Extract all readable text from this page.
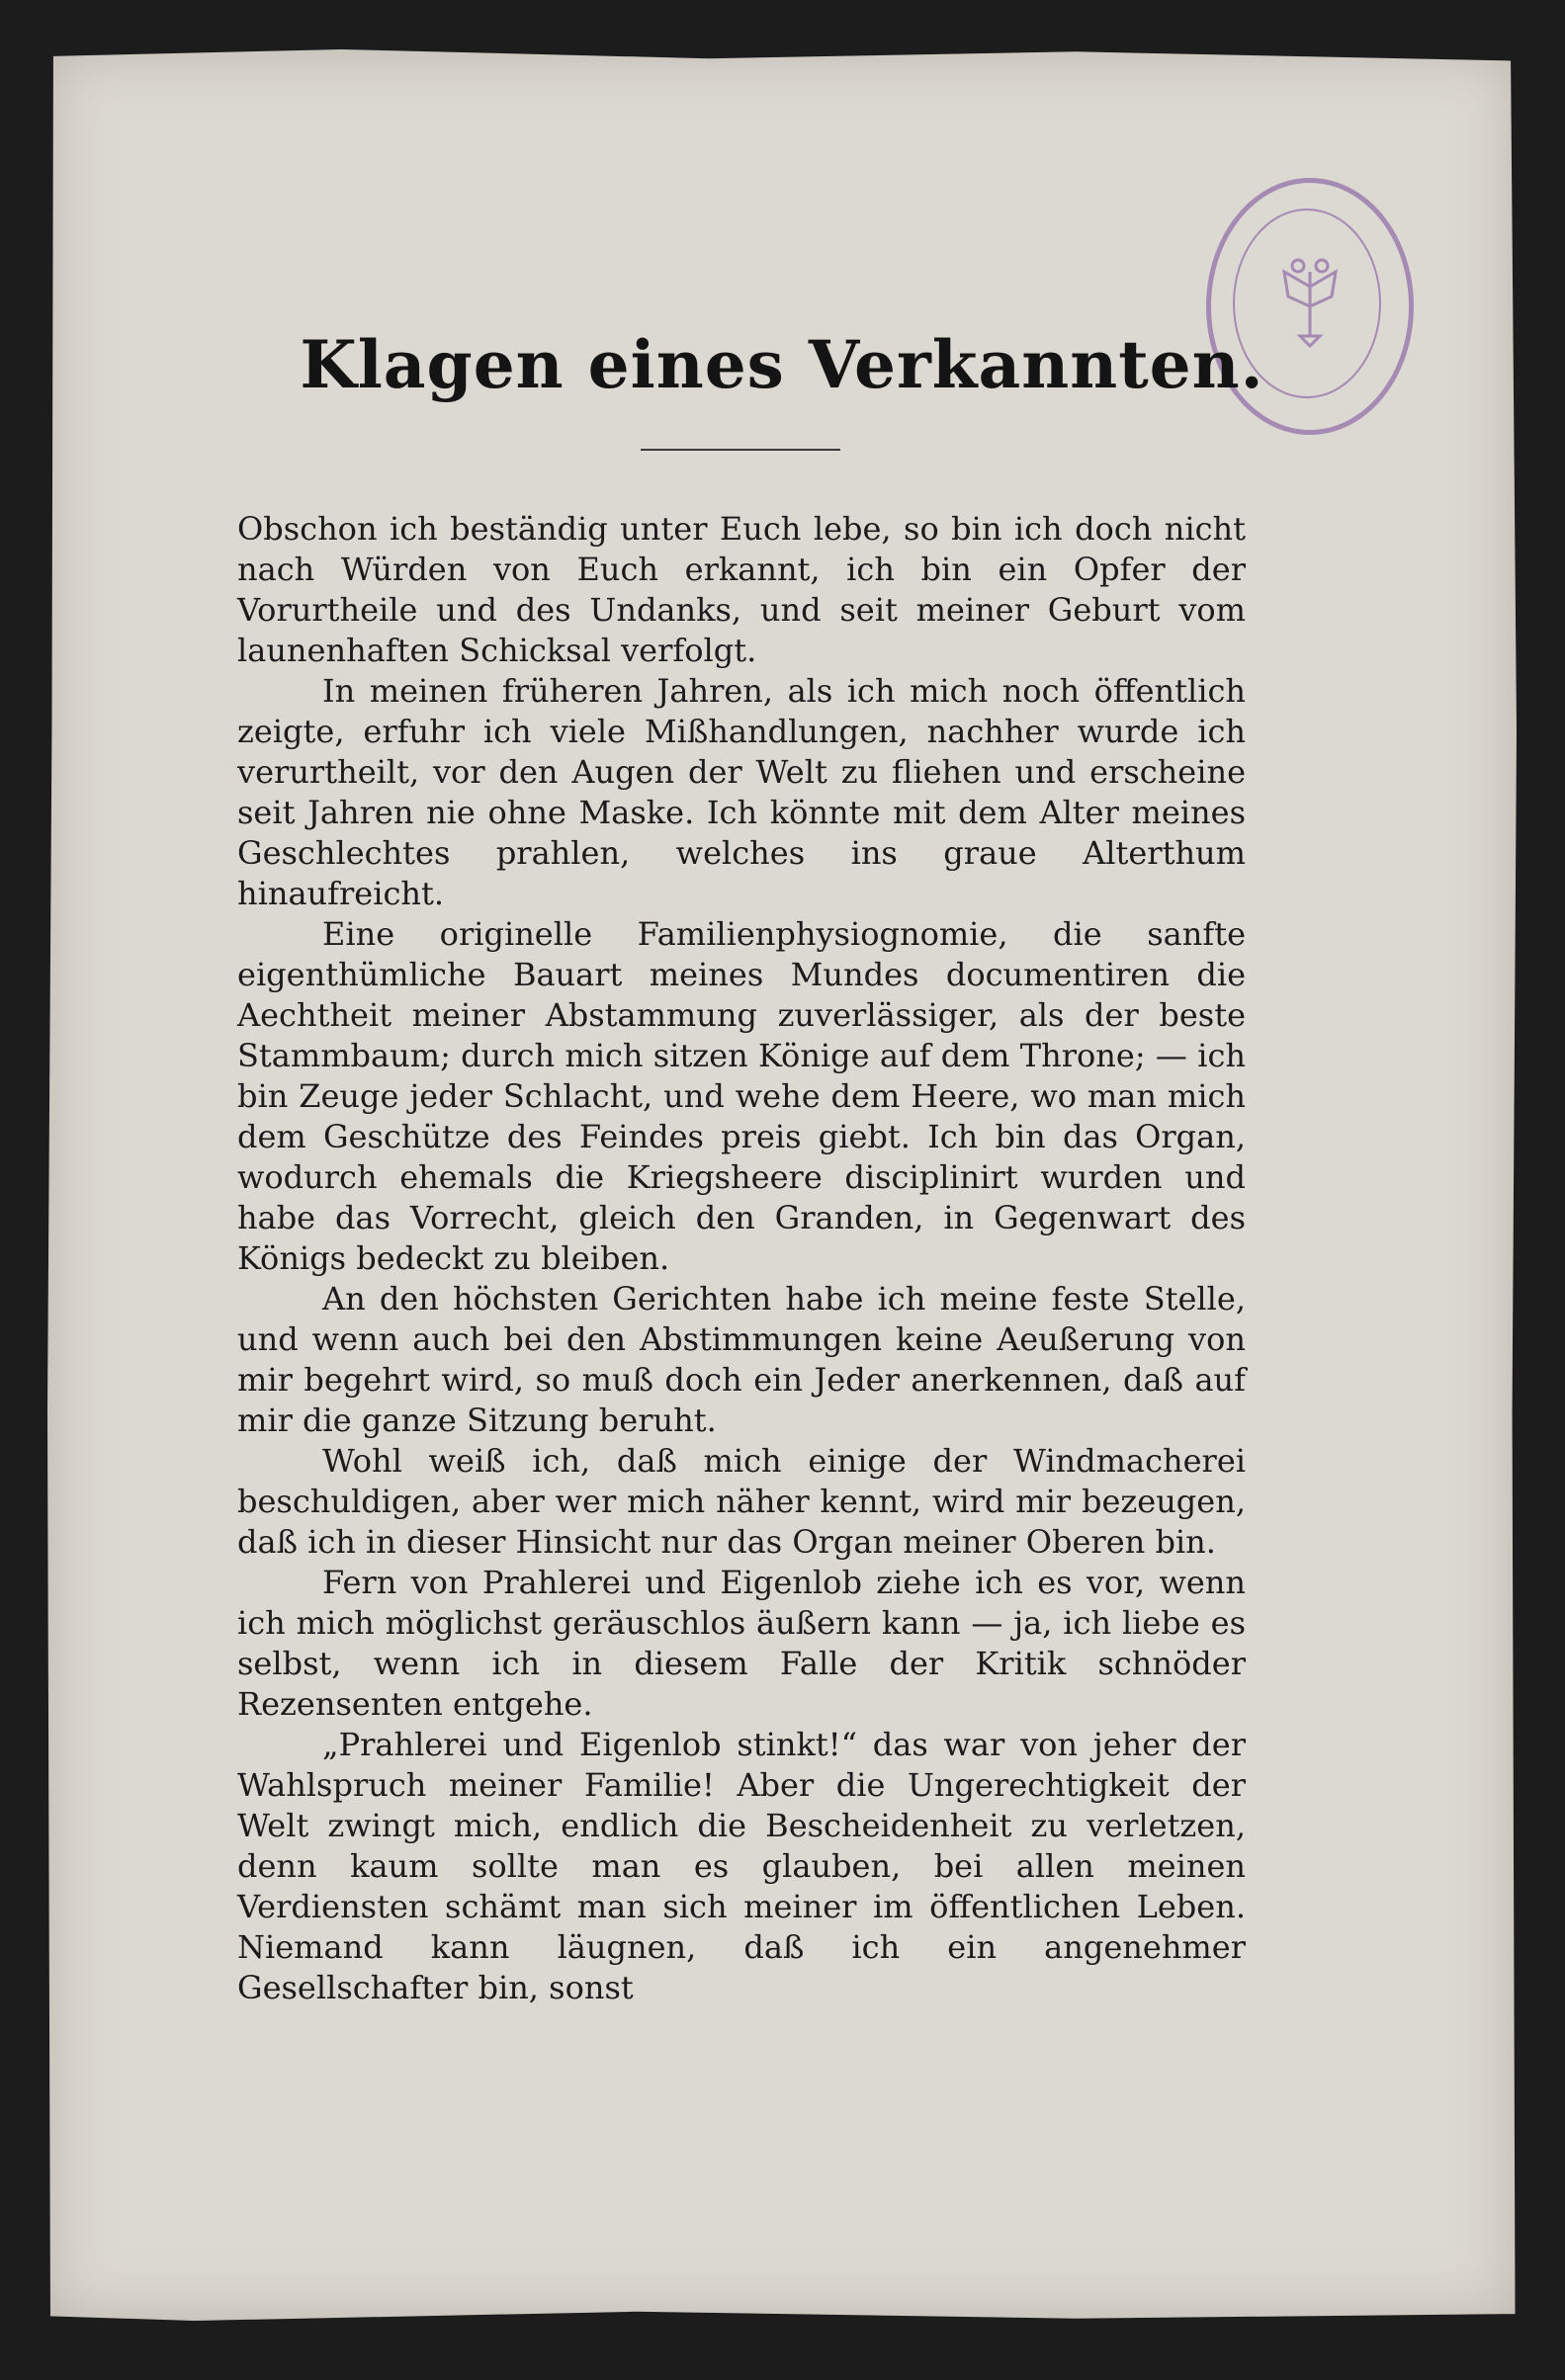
Klagen eines Verkannten.

Obschon ich beständig unter Euch lebe, so bin ich doch nicht nach Würden von Euch erkannt, ich bin ein Opfer der Vorurtheile und des Undanks, und seit meiner Geburt vom launenhaften Schicksal verfolgt.

In meinen früheren Jahren, als ich mich noch öffentlich zeigte, erfuhr ich viele Mißhandlungen, nachher wurde ich verurtheilt, vor den Augen der Welt zu fliehen und erscheine seit Jahren nie ohne Maske. Ich könnte mit dem Alter meines Geschlechtes prahlen, welches ins graue Alterthum hinaufreicht.

Eine originelle Familienphysiognomie, die sanfte eigenthümliche Bauart meines Mundes documentiren die Aechtheit meiner Abstammung zuverlässiger, als der beste Stammbaum; durch mich sitzen Könige auf dem Throne; — ich bin Zeuge jeder Schlacht, und wehe dem Heere, wo man mich dem Geschütze des Feindes preis giebt. Ich bin das Organ, wodurch ehemals die Kriegsheere disciplinirt wurden und habe das Vorrecht, gleich den Granden, in Gegenwart des Königs bedeckt zu bleiben.

An den höchsten Gerichten habe ich meine feste Stelle, und wenn auch bei den Abstimmungen keine Aeußerung von mir begehrt wird, so muß doch ein Jeder anerkennen, daß auf mir die ganze Sitzung beruht.

Wohl weiß ich, daß mich einige der Windmacherei beschuldigen, aber wer mich näher kennt, wird mir bezeugen, daß ich in dieser Hinsicht nur das Organ meiner Oberen bin.

Fern von Prahlerei und Eigenlob ziehe ich es vor, wenn ich mich möglichst geräuschlos äußern kann — ja, ich liebe es selbst, wenn ich in diesem Falle der Kritik schnöder Rezensenten entgehe.

„Prahlerei und Eigenlob stinkt!“ das war von jeher der Wahlspruch meiner Familie! Aber die Ungerechtigkeit der Welt zwingt mich, endlich die Bescheidenheit zu verletzen, denn kaum sollte man es glauben, bei allen meinen Verdiensten schämt man sich meiner im öffentlichen Leben. Niemand kann läugnen, daß ich ein angenehmer Gesellschafter bin, sonst
